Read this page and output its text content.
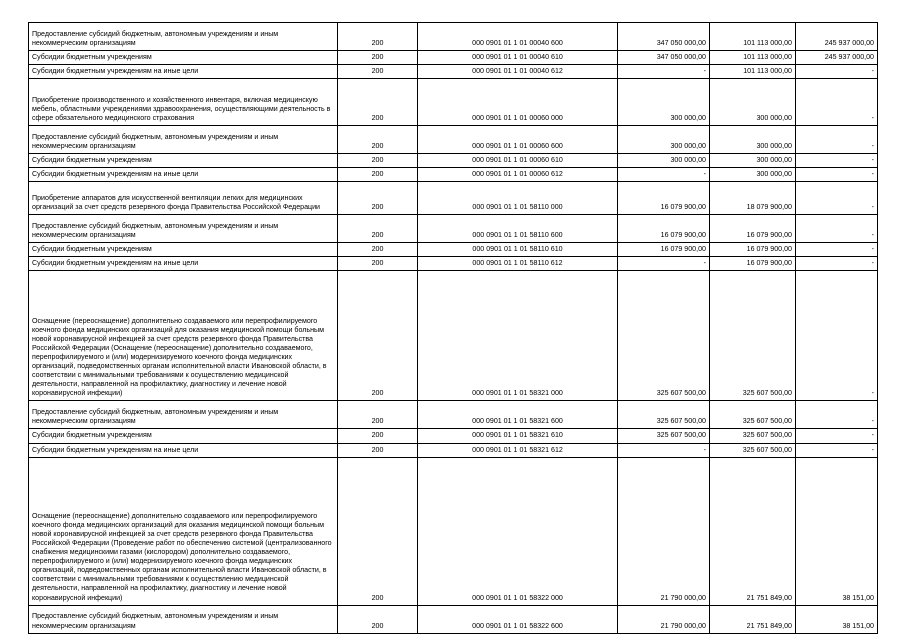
Предоставление субсидий бюджетным, автономным учреждениям и иным некоммерческим организациям	200	000 0901 01 1 01 00040 600	347 050 000,00	101 113 000,00	245 937 000,00
Субсидии бюджетным учреждениям	200	000 0901 01 1 01 00040 610	347 050 000,00	101 113 000,00	245 937 000,00
Субсидии бюджетным учреждениям на иные цели	200	000 0901 01 1 01 00040 612	-	101 113 000,00	-
Приобретение производственного и хозяйственного инвентаря, включая медицинскую мебель, областными учреждениями здравоохранения, осуществляющими деятельность в сфере обязательного медицинского страхования	200	000 0901 01 1 01 00060 000	300 000,00	300 000,00	-
Предоставление субсидий бюджетным, автономным учреждениям и иным некоммерческим организациям	200	000 0901 01 1 01 00060 600	300 000,00	300 000,00	-
Субсидии бюджетным учреждениям	200	000 0901 01 1 01 00060 610	300 000,00	300 000,00	-
Субсидии бюджетным учреждениям на иные цели	200	000 0901 01 1 01 00060 612	-	300 000,00	-
Приобретение аппаратов для искусственной вентиляции легких для медицинских организаций за счет средств резервного фонда Правительства Российской Федерации	200	000 0901 01 1 01 58110 000	16 079 900,00	18 079 900,00	-
Предоставление субсидий бюджетным, автономным учреждениям и иным некоммерческим организациям	200	000 0901 01 1 01 58110 600	16 079 900,00	16 079 900,00	-
Субсидии бюджетным учреждениям	200	000 0901 01 1 01 58110 610	16 079 900,00	16 079 900,00	-
Субсидии бюджетным учреждениям на иные цели	200	000 0901 01 1 01 58110 612	-	16 079 900,00	-
Оснащение (переоснащение) дополнительно создаваемого или перепрофилируемого коечного фонда медицинских организаций для оказания медицинской помощи больным новой коронавирусной инфекцией за счет средств резервного фонда Правительства Российской Федерации (Оснащение (переоснащение) дополнительно создаваемого, перепрофилируемого и (или) модернизируемого коечного фонда медицинских организаций, подведомственных органам исполнительной власти Ивановской области, в соответствии с минимальными требованиями к осуществлению медицинской деятельности, направленной на профилактику, диагностику и лечение новой коронавирусной инфекции)	200	000 0901 01 1 01 58321 000	325 607 500,00	325 607 500,00	-
Предоставление субсидий бюджетным, автономным учреждениям и иным некоммерческим организациям	200	000 0901 01 1 01 58321 600	325 607 500,00	325 607 500,00	-
Субсидии бюджетным учреждениям	200	000 0901 01 1 01 58321 610	325 607 500,00	325 607 500,00	-
Субсидии бюджетным учреждениям на иные цели	200	000 0901 01 1 01 58321 612	-	325 607 500,00	-
Оснащение (переоснащение) дополнительно создаваемого или перепрофилируемого коечного фонда медицинских организаций для оказания медицинской помощи больным новой коронавирусной инфекцией за счет средств резервного фонда Правительства Российской Федерации (Проведение работ по обеспечению системой (централизованного снабжения медицинскими газами (кислородом) дополнительно создаваемого, перепрофилируемого и (или) модернизируемого коечного фонда медицинских организаций, подведомственных органам исполнительной власти Ивановской области, в соответствии с минимальными требованиями к осуществлению медицинской деятельности, направленной на профилактику, диагностику и лечение новой коронавирусной инфекции)	200	000 0901 01 1 01 58322 000	21 790 000,00	21 751 849,00	38 151,00
Предоставление субсидий бюджетным, автономным учреждениям и иным некоммерческим организациям	200	000 0901 01 1 01 58322 600	21 790 000,00	21 751 849,00	38 151,00
